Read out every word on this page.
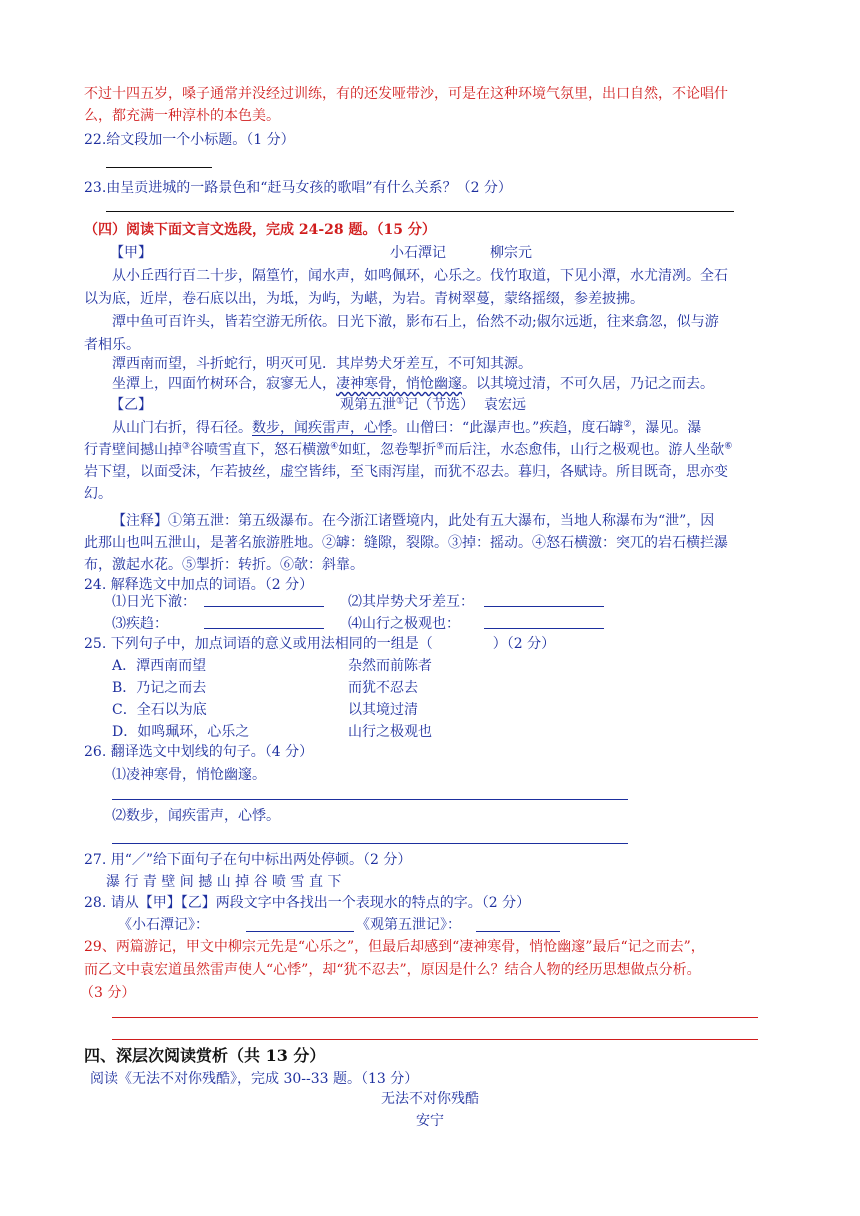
不过十四五岁，嗓子通常并没经过训练，有的还发哑带沙，可是在这种环境气氛里，出口自然，不论唱什
么，都充满一种淳朴的本色美。
22.给文段加一个小标题。（1 分）
23.由呈贡进城的一路景色和“赶马女孩的歌唱”有什么关系？（2 分）
（四）阅读下面文言文选段，完成 24-28 题。（15 分）
【甲】	小石潭记	柳宗元
从小丘西行百二十步，隔篁竹，闻水声，如鸣佩环，心乐之。伐竹取道，下见小潭，水尤清冽。全石
以为底，近岸，卷石底以出，为坻，为屿，为嵁，为岩。青树翠蔓，蒙络摇缀，参差披拂。
潭中鱼可百许头，皆若空游无所依。日光下澈，影布石上，佁然不动;俶尔远逝，往来翕忽，似与游
者相乐。
潭西南而望，斗折蛇行，明灭可见．其岸势犬牙差互，不可知其源。
坐潭上，四面竹树环合，寂寥无人，凄神寒骨，悄怆幽邃。以其境过清，不可久居，乃记之而去。
【乙】	观第五泄①记（节选） 袁宏远
从山门右折，得石径。数步，闻疾雷声，心悸。山僧曰：“此瀑声也。”疾趋，度石罅②，瀑见。瀑
行青壁间撼山掉③谷喷雪直下，怒石横激④如虹，忽卷掣折⑤而后注，水态愈伟，山行之极观也。游人坐欹⑥
岩下望，以面受沫，乍若披丝，虚空皆纬，至飞雨泻崖，而犹不忍去。暮归，各赋诗。所目既奇，思亦变
幻。
【注释】①第五泄：第五级瀑布。在今浙江诸暨境内，此处有五大瀑布，当地人称瀑布为“泄”，因
此那山也叫五泄山，是著名旅游胜地。②罅：缝隙，裂隙。③掉：摇动。④怒石横激：突兀的岩石横拦瀑
布，激起水花。⑤掣折：转折。⑥欹：斜靠。
24. 解释选文中加点的词语。（2 分）
⑴日光下澈：	⑵其岸势犬牙差互：
⑶疾趋：	⑷山行之极观也：
25. 下列句子中，加点词语的意义或用法相同的一组是（	）（2 分）
A．潭西南而望	杂然而前陈者
B．乃记之而去	而犹不忍去
C．全石以为底	以其境过清
D．如鸣珮环，心乐之	山行之极观也
26. 翻译选文中划线的句子。（4 分）
⑴凌神寒骨，悄怆幽邃。
⑵数步，闻疾雷声，心悸。
27. 用“／”给下面句子在句中标出两处停顿。（2 分）
瀑 行 青 壁 间 撼 山 掉 谷 喷 雪 直 下
28. 请从【甲】【乙】两段文字中各找出一个表现水的特点的字。（2 分）
《小石潭记》：	《观第五泄记》：
29、两篇游记，甲文中柳宗元先是“心乐之”，但最后却感到“凄神寒骨，悄怆幽邃”最后“记之而去”，
而乙文中袁宏道虽然雷声使人“心悸”，却“犹不忍去”，原因是什么？结合人物的经历思想做点分析。
（3 分）
四、深层次阅读赏析（共 13 分）
阅读《无法不对你残酷》，完成 30--33 题。（13 分）
无法不对你残酷
安宁
